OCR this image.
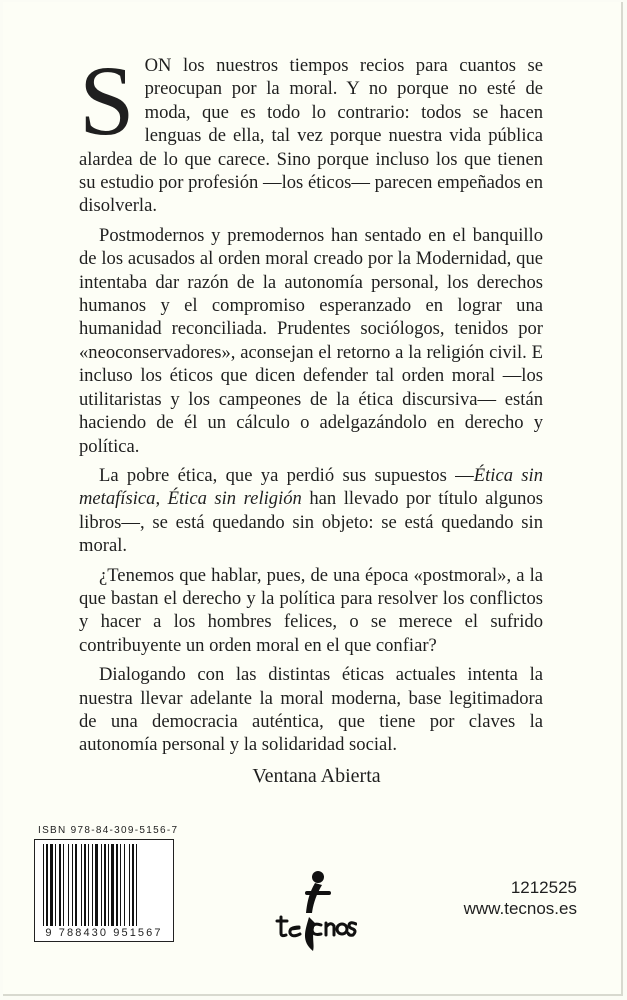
SON los nuestros tiempos recios para cuantos se preocupan por la moral. Y no porque no esté de moda, que es todo lo contrario: todos se hacen lenguas de ella, tal vez porque nuestra vida pública alardea de lo que carece. Sino porque incluso los que tienen su estudio por profesión —los éticos— parecen empeñados en disolverla.

Postmodernos y premodernos han sentado en el banquillo de los acusados al orden moral creado por la Modernidad, que intentaba dar razón de la autonomía personal, los derechos humanos y el compromiso esperanzado en lograr una humanidad reconciliada. Prudentes sociólogos, tenidos por «neoconservadores», aconsejan el retorno a la religión civil. E incluso los éticos que dicen defender tal orden moral —los utilitaristas y los campeones de la ética discursiva— están haciendo de él un cálculo o adelgazándolo en derecho y política.

La pobre ética, que ya perdió sus supuestos —Ética sin metafísica, Ética sin religión han llevado por título algunos libros—, se está quedando sin objeto: se está quedando sin moral.

¿Tenemos que hablar, pues, de una época «postmoral», a la que bastan el derecho y la política para resolver los conflictos y hacer a los hombres felices, o se merece el sufrido contribuyente un orden moral en el que confiar?

Dialogando con las distintas éticas actuales intenta la nuestra llevar adelante la moral moderna, base legitimadora de una democracia auténtica, que tiene por claves la autonomía personal y la solidaridad social.

Ventana Abierta
ISBN 978-84-309-5156-7
9 788430 951567
1212525
www.tecnos.es
